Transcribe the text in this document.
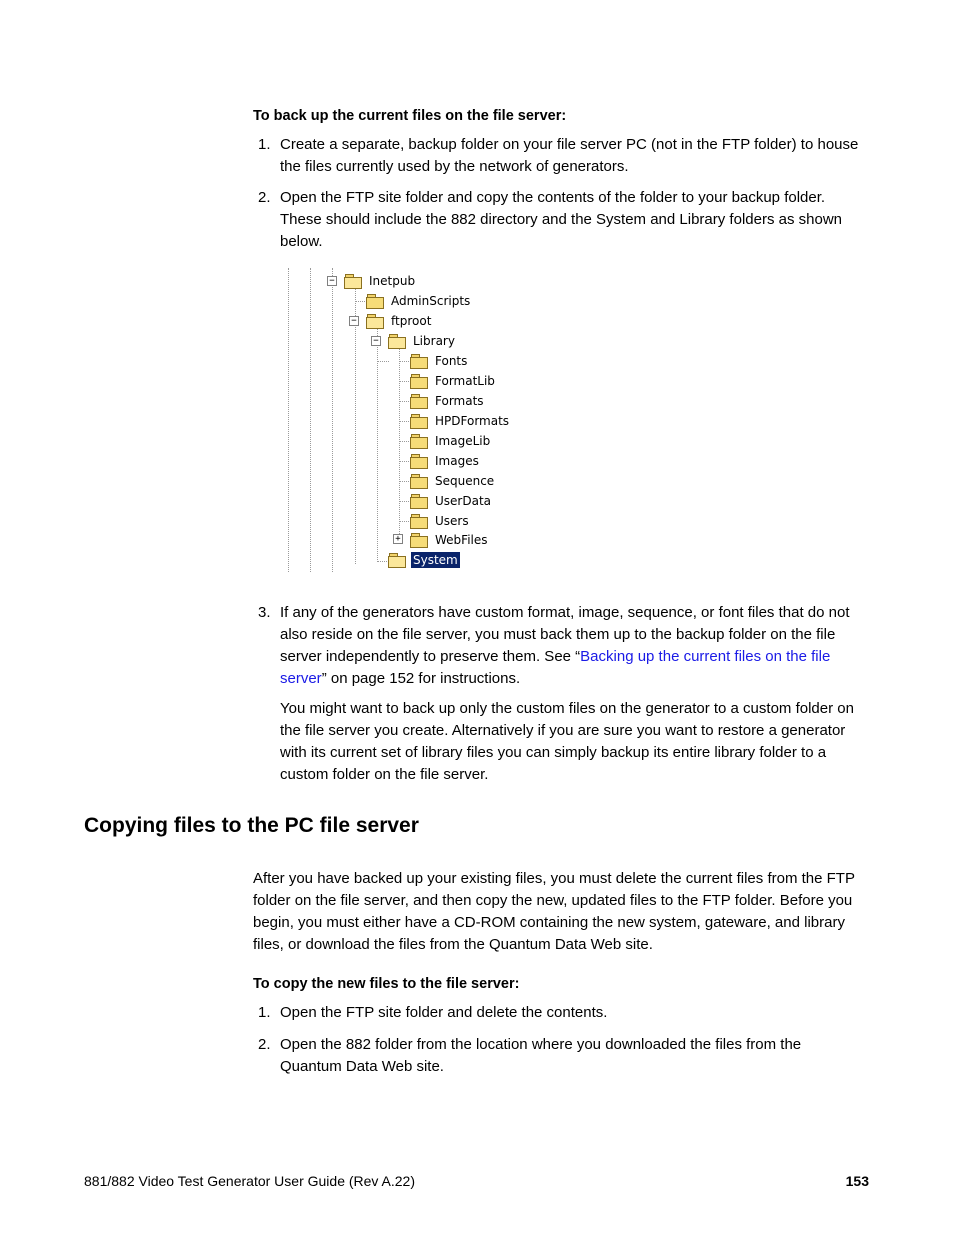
To back up the current files on the file server:
1. Create a separate, backup folder on your file server PC (not in the FTP folder) to house the files currently used by the network of generators.
2. Open the FTP site folder and copy the contents of the folder to your backup folder. These should include the 882 directory and the System and Library folders as shown below.
−
−
−
+
Inetpub
AdminScripts
ftproot
Library
Fonts
FormatLib
Formats
HPDFormats
ImageLib
Images
Sequence
UserData
Users
WebFiles
System
3. If any of the generators have custom format, image, sequence, or font files that do not also reside on the file server, you must back them up to the backup folder on the file server independently to preserve them. See “Backing up the current files on the file server” on page 152 for instructions.
You might want to back up only the custom files on the generator to a custom folder on the file server you create. Alternatively if you are sure you want to restore a generator with its current set of library files you can simply backup its entire library folder to a custom folder on the file server.
Copying files to the PC file server
After you have backed up your existing files, you must delete the current files from the FTP folder on the file server, and then copy the new, updated files to the FTP folder. Before you begin, you must either have a CD-ROM containing the new system, gateware, and library files, or download the files from the Quantum Data Web site.
To copy the new files to the file server:
1. Open the FTP site folder and delete the contents.
2. Open the 882 folder from the location where you downloaded the files from the Quantum Data Web site.
881/882 Video Test Generator User Guide (Rev A.22)	153
